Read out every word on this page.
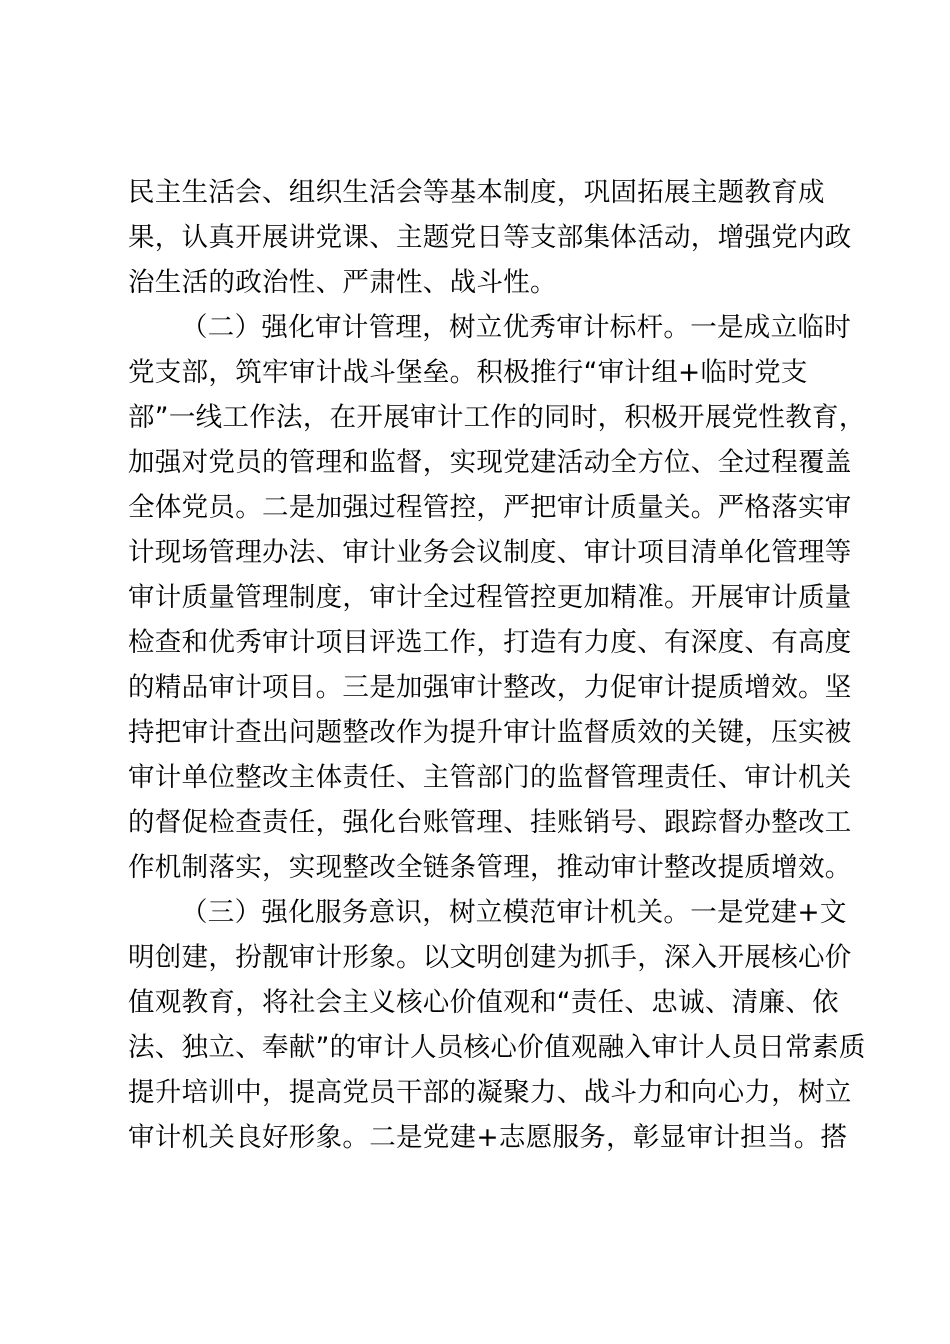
民主生活会、组织生活会等基本制度，巩固拓展主题教育成
果，认真开展讲党课、主题党日等支部集体活动，增强党内政
治生活的政治性、严肃性、战斗性。
（二）强化审计管理，树立优秀审计标杆。一是成立临时
党支部，筑牢审计战斗堡垒。积极推行“审计组+临时党支
部”一线工作法，在开展审计工作的同时，积极开展党性教育，
加强对党员的管理和监督，实现党建活动全方位、全过程覆盖
全体党员。二是加强过程管控，严把审计质量关。严格落实审
计现场管理办法、审计业务会议制度、审计项目清单化管理等
审计质量管理制度，审计全过程管控更加精准。开展审计质量
检查和优秀审计项目评选工作，打造有力度、有深度、有高度
的精品审计项目。三是加强审计整改，力促审计提质增效。坚
持把审计查出问题整改作为提升审计监督质效的关键，压实被
审计单位整改主体责任、主管部门的监督管理责任、审计机关
的督促检查责任，强化台账管理、挂账销号、跟踪督办整改工
作机制落实，实现整改全链条管理，推动审计整改提质增效。
（三）强化服务意识，树立模范审计机关。一是党建+文
明创建，扮靓审计形象。以文明创建为抓手，深入开展核心价
值观教育，将社会主义核心价值观和“责任、忠诚、清廉、依
法、独立、奉献”的审计人员核心价值观融入审计人员日常素质
提升培训中，提高党员干部的凝聚力、战斗力和向心力，树立
审计机关良好形象。二是党建+志愿服务，彰显审计担当。搭
